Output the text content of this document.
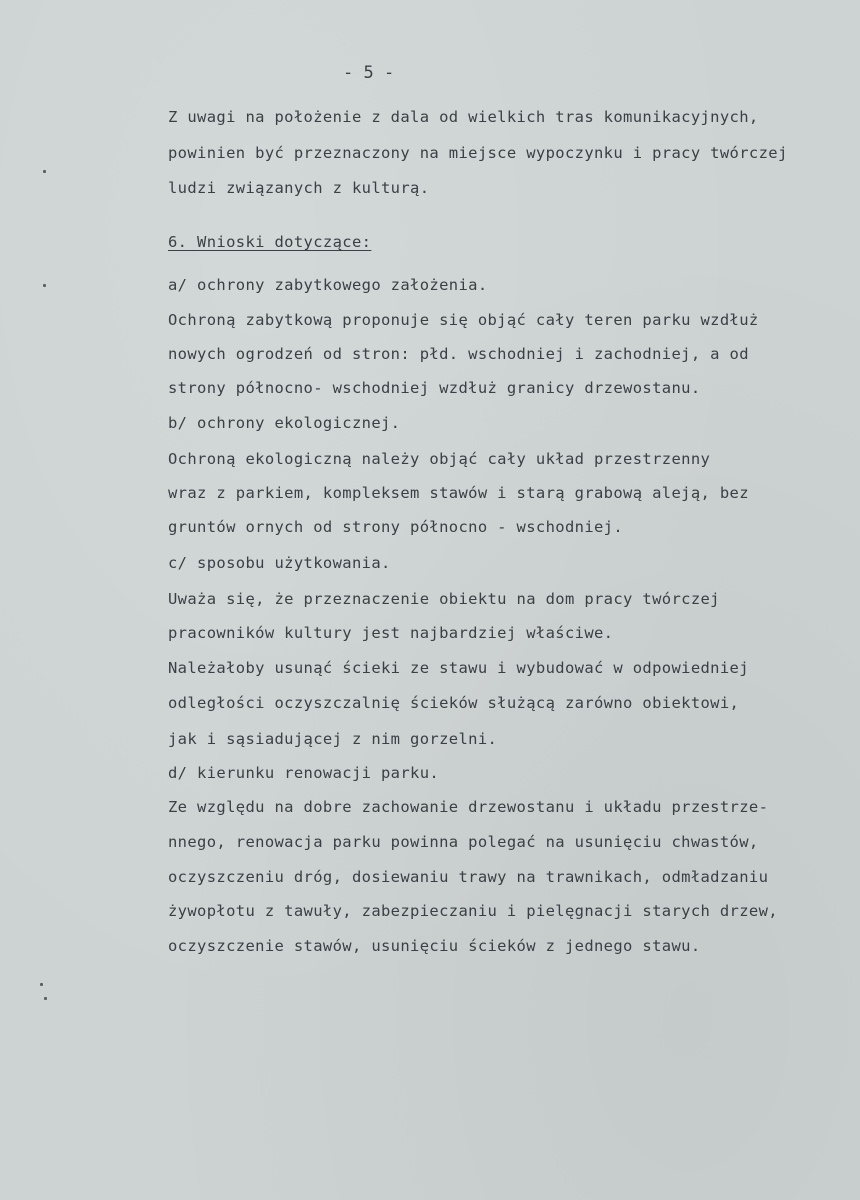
- 5 -
Z uwagi na położenie z dala od wielkich tras komunikacyjnych,
powinien być przeznaczony na miejsce wypoczynku i pracy twórczej
ludzi związanych z kulturą.
6. Wnioski dotyczące:
a/ ochrony zabytkowego założenia.
Ochroną zabytkową proponuje się objąć cały teren parku wzdłuż
nowych ogrodzeń od stron: płd. wschodniej i zachodniej, a od
strony północno- wschodniej wzdłuż granicy drzewostanu.
b/ ochrony ekologicznej.
Ochroną ekologiczną należy objąć cały układ przestrzenny
wraz z parkiem, kompleksem stawów i starą grabową aleją, bez
gruntów ornych od strony północno - wschodniej.
c/ sposobu użytkowania.
Uważa się, że przeznaczenie obiektu na dom pracy twórczej
pracowników kultury jest najbardziej właściwe.
Należałoby usunąć ścieki ze stawu i wybudować w odpowiedniej
odległości oczyszczalnię ścieków służącą zarówno obiektowi,
jak i sąsiadującej z nim gorzelni.
d/ kierunku renowacji parku.
Ze względu na dobre zachowanie drzewostanu i układu przestrze-
nnego, renowacja parku powinna polegać na usunięciu chwastów,
oczyszczeniu dróg, dosiewaniu trawy na trawnikach, odmładzaniu
żywopłotu z tawuły, zabezpieczaniu i pielęgnacji starych drzew,
oczyszczenie stawów, usunięciu ścieków z jednego stawu.
